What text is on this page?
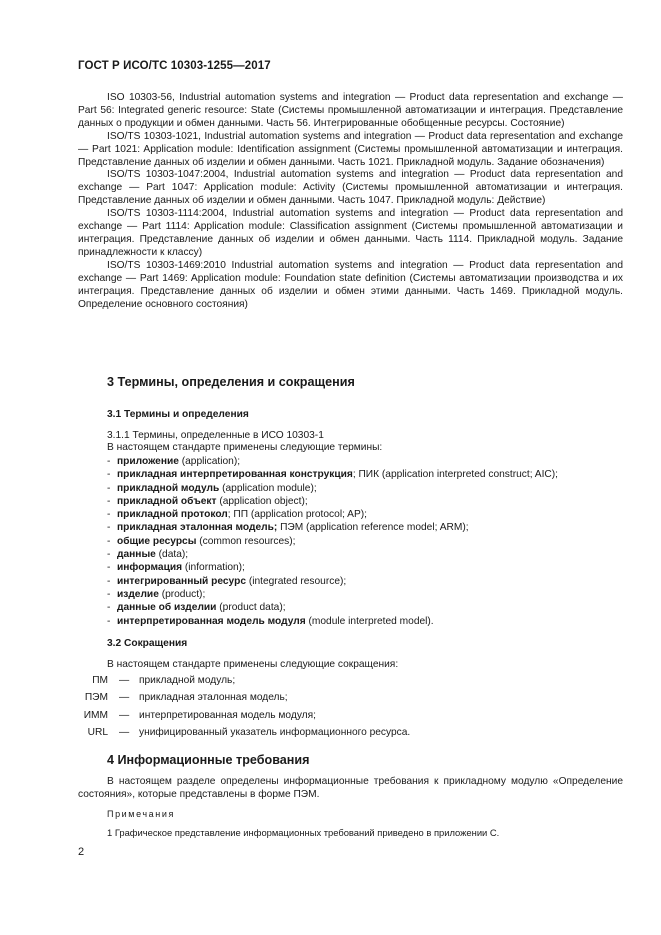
ГОСТ Р ИСО/ТС 10303-1255—2017

ISO 10303-56, Industrial automation systems and integration — Product data representation and exchange — Part 56: Integrated generic resource: State (Системы промышленной автоматизации и интеграция. Представление данных о продукции и обмен данными. Часть 56. Интегрированные обобщенные ресурсы. Состояние)

ISO/TS 10303-1021, Industrial automation systems and integration — Product data representation and exchange — Part 1021: Application module: Identification assignment (Системы промышленной автоматизации и интеграция. Представление данных об изделии и обмен данными. Часть 1021. Прикладной модуль. Задание обозначения)

ISO/TS 10303-1047:2004, Industrial automation systems and integration — Product data representation and exchange — Part 1047: Application module: Activity (Системы промышленной автоматизации и интеграция. Представление данных об изделии и обмен данными. Часть 1047. Прикладной модуль: Действие)

ISO/TS 10303-1114:2004, Industrial automation systems and integration — Product data representation and exchange — Part 1114: Application module: Classification assignment (Системы промышленной автоматизации и интеграция. Представление данных об изделии и обмен данными. Часть 1114. Прикладной модуль. Задание принадлежности к классу)

ISO/TS 10303-1469:2010 Industrial automation systems and integration — Product data representation and exchange — Part 1469: Application module: Foundation state definition (Системы автоматизации производства и их интеграция. Представление данных об изделии и обмен этими данными. Часть 1469. Прикладной модуль. Определение основного состояния)

3 Термины, определения и сокращения
3.1 Термины и определения

3.1.1 Термины, определенные в ИСО 10303-1

В настоящем стандарте применены следующие термины:

- приложение (application);
- прикладная интерпретированная конструкция; ПИК (application interpreted construct; AIC);
- прикладной модуль (application module);
- прикладной объект (application object);
- прикладной протокол; ПП (application protocol; AP);
- прикладная эталонная модель; ПЭМ (application reference model; ARM);
- общие ресурсы (common resources);
- данные (data);
- информация (information);
- интегрированный ресурс (integrated resource);
- изделие (product);
- данные об изделии (product data);
- интерпретированная модель модуля (module interpreted model).
3.2 Сокращения

В настоящем стандарте применены следующие сокращения:

ПМ — прикладной модуль;
ПЭМ — прикладная эталонная модель;
ИММ — интерпретированная модель модуля;
URL — унифицированный указатель информационного ресурса.
4 Информационные требования

В настоящем разделе определены информационные требования к прикладному модулю «Определение состояния», которые представлены в форме ПЭМ.

Примечания
1 Графическое представление информационных требований приведено в приложении С.
2
